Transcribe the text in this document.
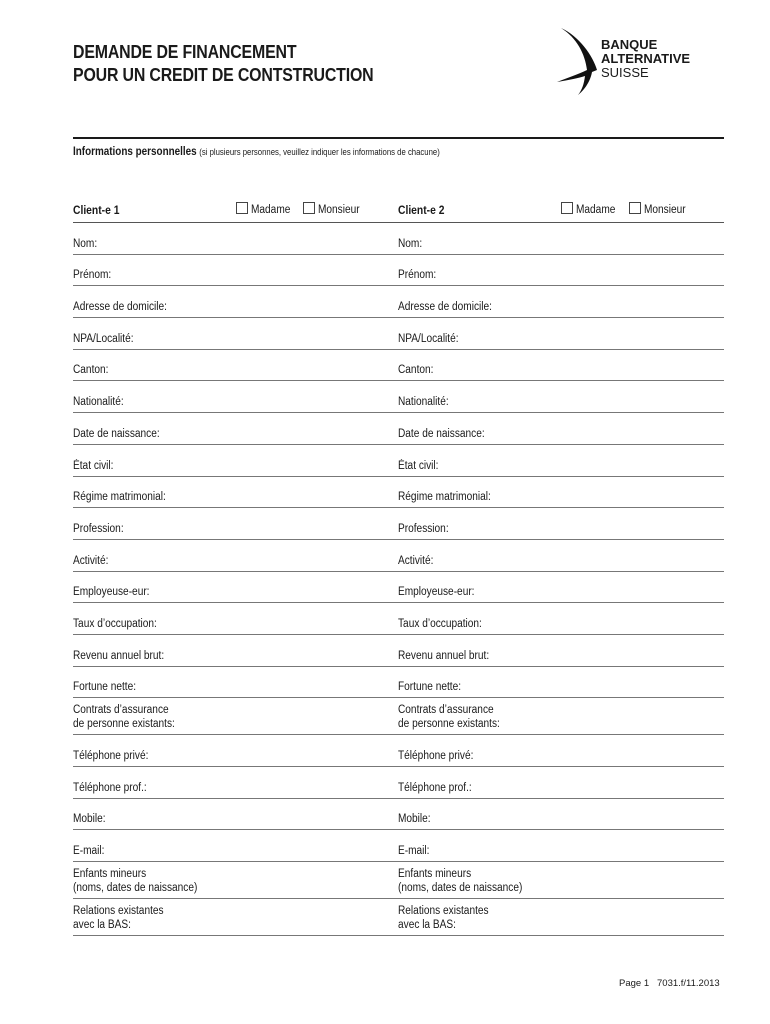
DEMANDE DE FINANCEMENT
POUR UN CREDIT DE CONTSTRUCTION
BANQUE
ALTERNATIVE
SUISSE
Informations personnelles (si plusieurs personnes, veuillez indiquer les informations de chacune)
Client-e 1	Madame	Monsieur
Nom:
Prénom:
Adresse de domicile:
NPA/Localité:
Canton:
Nationalité:
Date de naissance:
État civil:
Régime matrimonial:
Profession:
Activité:
Employeuse-eur:
Taux d’occupation:
Revenu annuel brut:
Fortune nette:
Contrats d’assurance
de personne existants:
Téléphone privé:
Téléphone prof.:
Mobile:
E-mail:
Enfants mineurs
(noms, dates de naissance)
Relations existantes
avec la BAS:
Client-e 2	Madame	Monsieur
Nom:
Prénom:
Adresse de domicile:
NPA/Localité:
Canton:
Nationalité:
Date de naissance:
État civil:
Régime matrimonial:
Profession:
Activité:
Employeuse-eur:
Taux d’occupation:
Revenu annuel brut:
Fortune nette:
Contrats d’assurance
de personne existants:
Téléphone privé:
Téléphone prof.:
Mobile:
E-mail:
Enfants mineurs
(noms, dates de naissance)
Relations existantes
avec la BAS:
Page 1 7031.f/11.2013
